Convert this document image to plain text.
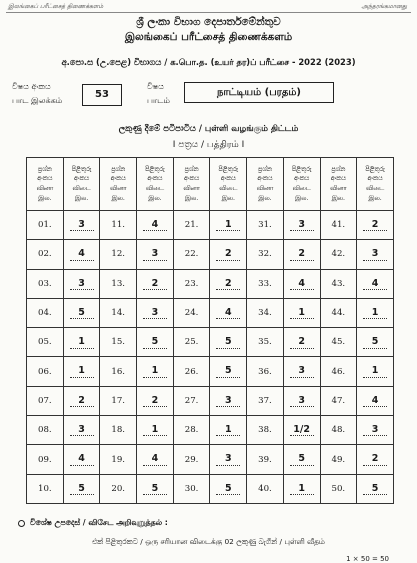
இலங்கைப் பரீட்சைத் திணைக்களம்	அந்தரங்கமானது
ශ්‍රී ලංකා විභාග දෙපාර්තමේන්තුව
இலங்கைப் பரீட்சைத் திணைக்களம்
අ.පො.ස (උ.පෙළ) විභාගය / க.பொ.த. (உயர் தர)ப் பரீட்சை - 2022 (2023)
විෂය අංකය
பாட இலக்கம்
53
විෂය
பாடம்
நாட்டியம் (பரதம்)
ලකුණු දීමේ පටිපාටිය / புள்ளி வழங்கும் திட்டம்
I පත්‍රය / பத்திரம் I
ප්‍රශ්න
අංකය
வினா
இல.	පිළිතුරු
අංකය
விடை
இல.	ප්‍රශ්න
අංකය
வினா
இல.	පිළිතුරු
අංකය
விடை
இல.	ප්‍රශ්න
අංකය
வினா
இல.	පිළිතුරු
අංකය
விடை
இல.	ප්‍රශ්න
අංකය
வினா
இல.	පිළිතුරු
අංකය
விடை
இல.	ප්‍රශ්න
අංකය
வினா
இல.	පිළිතුරු
අංකය
விடை
இல.
01.	3	11.	4	21.	1	31.	3	41.	2
02.	4	12.	3	22.	2	32.	2	42.	3
03.	3	13.	2	23.	2	33.	4	43.	4
04.	5	14.	3	24.	4	34.	1	44.	1
05.	1	15.	5	25.	5	35.	2	45.	5
06.	1	16.	1	26.	5	36.	3	46.	1
07.	2	17.	2	27.	3	37.	3	47.	4
08.	3	18.	1	28.	1	38.	1/2	48.	3
09.	4	19.	4	29.	3	39.	5	49.	2
10.	5	20.	5	30.	5	40.	1	50.	5
විශේෂ උපදෙස් / விசேட அறிவுறுத்தல் :
එක් පිළිතුරකට / ஒரு சரியான விடைக்கு 02 ලකුණු බැගින් / புள்ளி வீதம்
1 × 50 = 50
